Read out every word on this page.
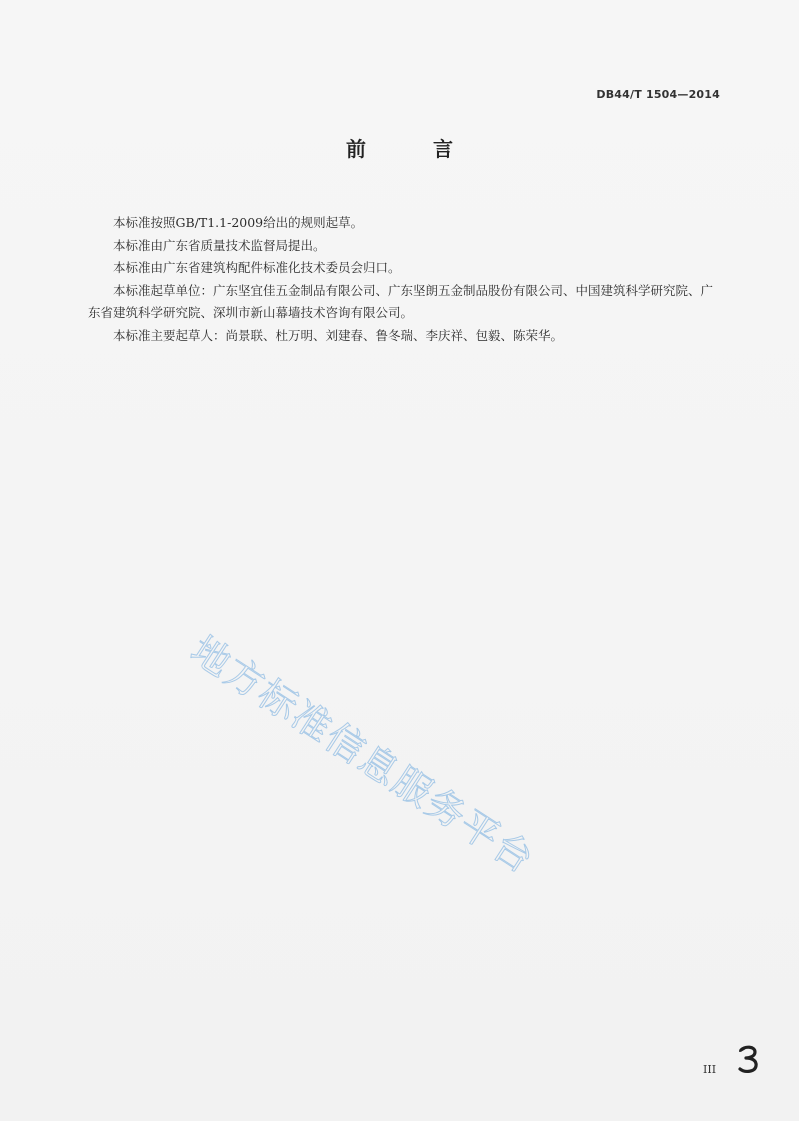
DB44/T 1504—2014
前 言

本标准按照GB/T1.1-2009给出的规则起草。

本标准由广东省质量技术监督局提出。

本标准由广东省建筑构配件标准化技术委员会归口。

本标准起草单位：广东坚宜佳五金制品有限公司、广东坚朗五金制品股份有限公司、中国建筑科学研究院、广东省建筑科学研究院、深圳市新山幕墙技术咨询有限公司。

本标准主要起草人：尚景联、杜万明、刘建春、鲁冬瑞、李庆祥、包毅、陈荣华。

地方标准信息服务平台
III
